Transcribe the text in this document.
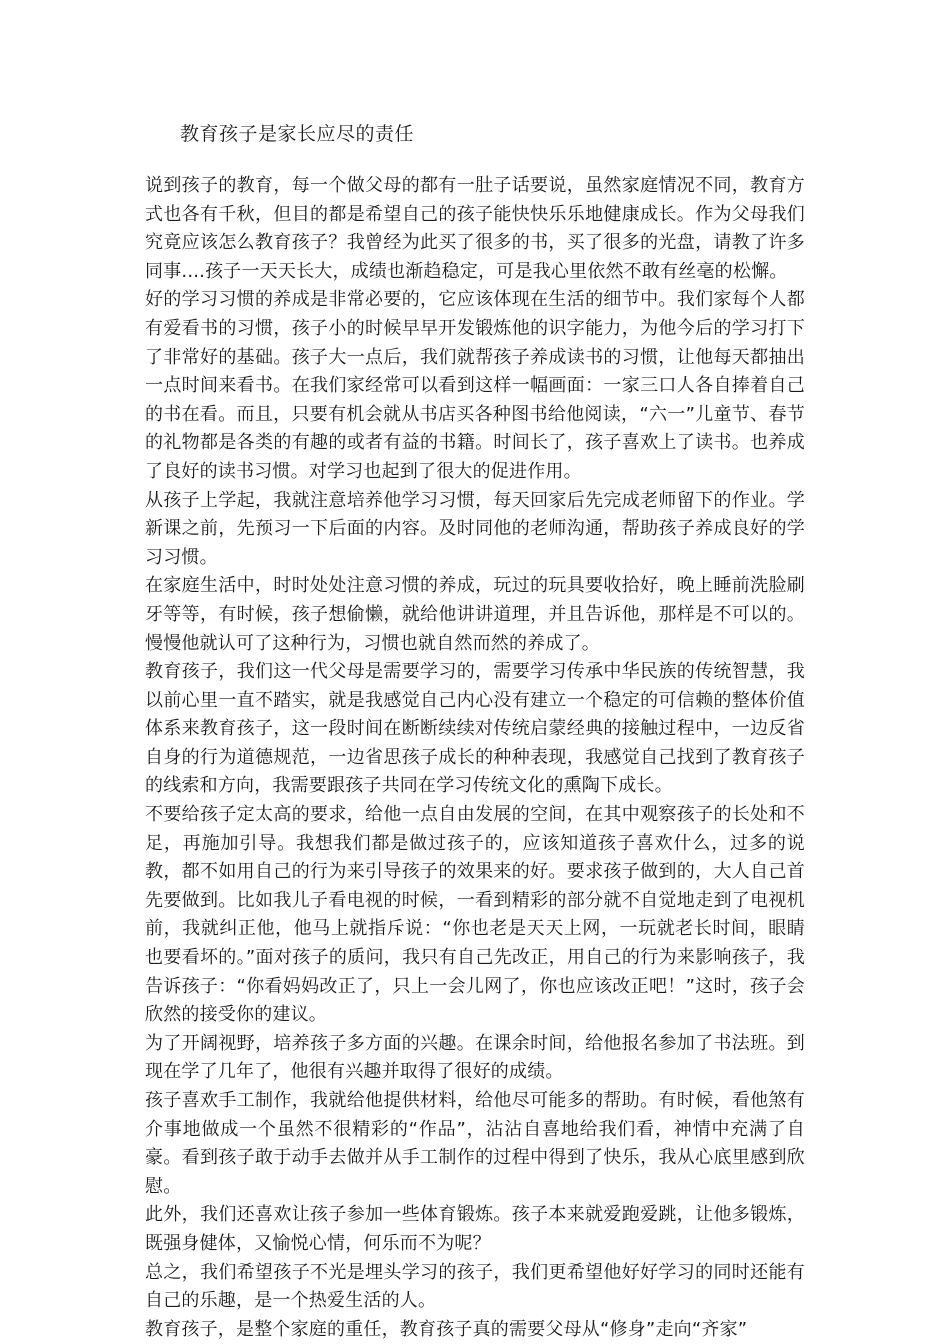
教育孩子是家长应尽的责任

说到孩子的教育，每一个做父母的都有一肚子话要说，虽然家庭情况不同，教育方式也各有千秋，但目的都是希望自己的孩子能快快乐乐地健康成长。作为父母我们究竟应该怎么教育孩子？我曾经为此买了很多的书，买了很多的光盘，请教了许多同事....孩子一天天长大，成绩也渐趋稳定，可是我心里依然不敢有丝毫的松懈。

好的学习习惯的养成是非常必要的，它应该体现在生活的细节中。我们家每个人都有爱看书的习惯，孩子小的时候早早开发锻炼他的识字能力，为他今后的学习打下了非常好的基础。孩子大一点后，我们就帮孩子养成读书的习惯，让他每天都抽出一点时间来看书。在我们家经常可以看到这样一幅画面：一家三口人各自捧着自己的书在看。而且，只要有机会就从书店买各种图书给他阅读，“六一”儿童节、春节的礼物都是各类的有趣的或者有益的书籍。时间长了，孩子喜欢上了读书。也养成了良好的读书习惯。对学习也起到了很大的促进作用。

从孩子上学起，我就注意培养他学习习惯，每天回家后先完成老师留下的作业。学新课之前，先预习一下后面的内容。及时同他的老师沟通，帮助孩子养成良好的学习习惯。

在家庭生活中，时时处处注意习惯的养成，玩过的玩具要收拾好，晚上睡前洗脸刷牙等等，有时候，孩子想偷懒，就给他讲讲道理，并且告诉他，那样是不可以的。慢慢他就认可了这种行为，习惯也就自然而然的养成了。

教育孩子，我们这一代父母是需要学习的，需要学习传承中华民族的传统智慧，我以前心里一直不踏实，就是我感觉自己内心没有建立一个稳定的可信赖的整体价值体系来教育孩子，这一段时间在断断续续对传统启蒙经典的接触过程中，一边反省自身的行为道德规范，一边省思孩子成长的种种表现，我感觉自己找到了教育孩子的线索和方向，我需要跟孩子共同在学习传统文化的熏陶下成长。

不要给孩子定太高的要求，给他一点自由发展的空间，在其中观察孩子的长处和不足，再施加引导。我想我们都是做过孩子的，应该知道孩子喜欢什么，过多的说教，都不如用自己的行为来引导孩子的效果来的好。要求孩子做到的，大人自己首先要做到。比如我儿子看电视的时候，一看到精彩的部分就不自觉地走到了电视机前，我就纠正他，他马上就指斥说：“你也老是天天上网，一玩就老长时间，眼睛也要看坏的。”面对孩子的质问，我只有自己先改正，用自己的行为来影响孩子，我告诉孩子：“你看妈妈改正了，只上一会儿网了，你也应该改正吧！”这时，孩子会欣然的接受你的建议。

为了开阔视野，培养孩子多方面的兴趣。在课余时间，给他报名参加了书法班。到现在学了几年了，他很有兴趣并取得了很好的成绩。

孩子喜欢手工制作，我就给他提供材料，给他尽可能多的帮助。有时候，看他煞有介事地做成一个虽然不很精彩的“作品”，沾沾自喜地给我们看，神情中充满了自豪。看到孩子敢于动手去做并从手工制作的过程中得到了快乐，我从心底里感到欣慰。

此外，我们还喜欢让孩子参加一些体育锻炼。孩子本来就爱跑爱跳，让他多锻炼，既强身健体，又愉悦心情，何乐而不为呢？

总之，我们希望孩子不光是埋头学习的孩子，我们更希望他好好学习的同时还能有自己的乐趣，是一个热爱生活的人。

教育孩子，是整个家庭的重任，教育孩子真的需要父母从“修身”走向“齐家”
